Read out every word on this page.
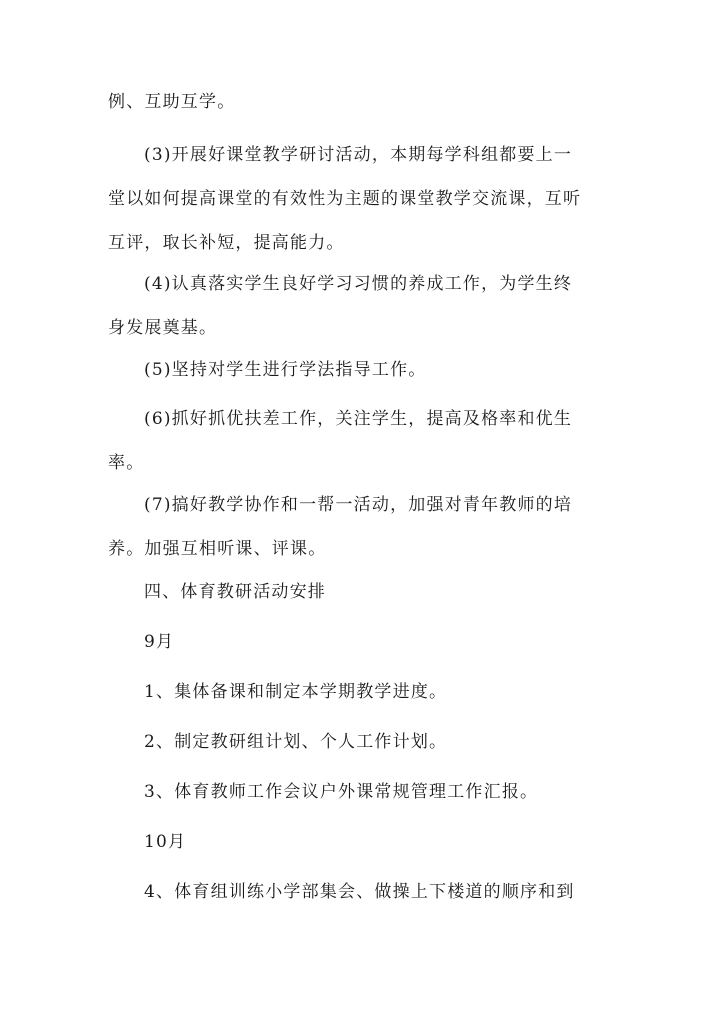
例、互助互学。

(3)开展好课堂教学研讨活动，本期每学科组都要上一
堂以如何提高课堂的有效性为主题的课堂教学交流课，互听
互评，取长补短，提高能力。

(4)认真落实学生良好学习习惯的养成工作，为学生终
身发展奠基。

(5)坚持对学生进行学法指导工作。

(6)抓好抓优扶差工作，关注学生，提高及格率和优生
率。

(7)搞好教学协作和一帮一活动，加强对青年教师的培
养。加强互相听课、评课。

四、体育教研活动安排

9月

1、集体备课和制定本学期教学进度。

2、制定教研组计划、个人工作计划。

3、体育教师工作会议户外课常规管理工作汇报。

10月

4、体育组训练小学部集会、做操上下楼道的顺序和到
